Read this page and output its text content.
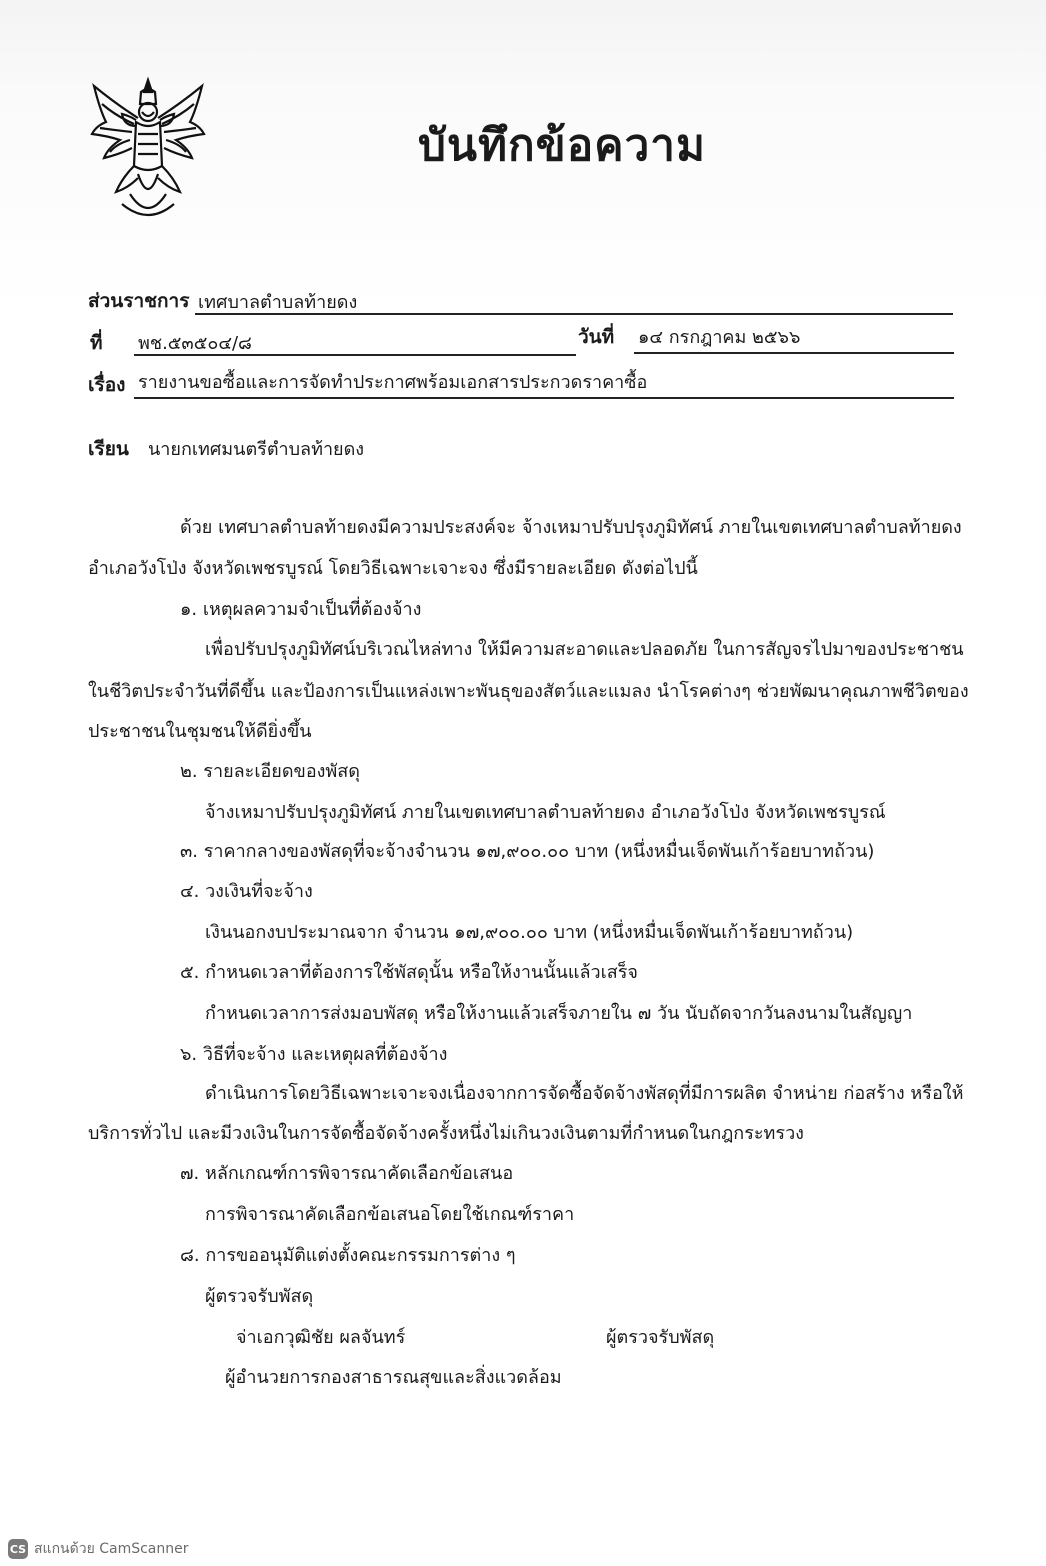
บันทึกข้อความ
ส่วนราชการ เทศบาลตำบลท้ายดง
ที่ พช.๕๓๕๐๔/๘	วันที่ ๑๔ กรกฎาคม ๒๕๖๖
เรื่อง รายงานขอซื้อและการจัดทำประกาศพร้อมเอกสารประกวดราคาซื้อ
เรียน นายกเทศมนตรีตำบลท้ายดง
ด้วย เทศบาลตำบลท้ายดงมีความประสงค์จะ จ้างเหมาปรับปรุงภูมิทัศน์ ภายในเขตเทศบาลตำบลท้ายดง
อำเภอวังโป่ง จังหวัดเพชรบูรณ์ โดยวิธีเฉพาะเจาะจง ซึ่งมีรายละเอียด ดังต่อไปนี้
๑. เหตุผลความจำเป็นที่ต้องจ้าง
เพื่อปรับปรุงภูมิทัศน์บริเวณไหล่ทาง ให้มีความสะอาดและปลอดภัย ในการสัญจรไปมาของประชาชน
ในชีวิตประจำวันที่ดีขึ้น และป้องการเป็นแหล่งเพาะพันธุของสัตว์และแมลง นำโรคต่างๆ ช่วยพัฒนาคุณภาพชีวิตของ
ประชาชนในชุมชนให้ดียิ่งขึ้น
๒. รายละเอียดของพัสดุ
จ้างเหมาปรับปรุงภูมิทัศน์ ภายในเขตเทศบาลตำบลท้ายดง อำเภอวังโป่ง จังหวัดเพชรบูรณ์
๓. ราคากลางของพัสดุที่จะจ้างจำนวน ๑๗,๙๐๐.๐๐ บาท (หนึ่งหมื่นเจ็ดพันเก้าร้อยบาทถ้วน)
๔. วงเงินที่จะจ้าง
เงินนอกงบประมาณจาก จำนวน ๑๗,๙๐๐.๐๐ บาท (หนึ่งหมื่นเจ็ดพันเก้าร้อยบาทถ้วน)
๕. กำหนดเวลาที่ต้องการใช้พัสดุนั้น หรือให้งานนั้นแล้วเสร็จ
กำหนดเวลาการส่งมอบพัสดุ หรือให้งานแล้วเสร็จภายใน ๗ วัน นับถัดจากวันลงนามในสัญญา
๖. วิธีที่จะจ้าง และเหตุผลที่ต้องจ้าง
ดำเนินการโดยวิธีเฉพาะเจาะจงเนื่องจากการจัดซื้อจัดจ้างพัสดุที่มีการผลิต จำหน่าย ก่อสร้าง หรือให้
บริการทั่วไป และมีวงเงินในการจัดซื้อจัดจ้างครั้งหนึ่งไม่เกินวงเงินตามที่กำหนดในกฎกระทรวง
๗. หลักเกณฑ์การพิจารณาคัดเลือกข้อเสนอ
การพิจารณาคัดเลือกข้อเสนอโดยใช้เกณฑ์ราคา
๘. การขออนุมัติแต่งตั้งคณะกรรมการต่าง ๆ
ผู้ตรวจรับพัสดุ
จ่าเอกวุฒิชัย ผลจันทร์	ผู้ตรวจรับพัสดุ
ผู้อำนวยการกองสาธารณสุขและสิ่งแวดล้อม
CS สแกนด้วย CamScanner
